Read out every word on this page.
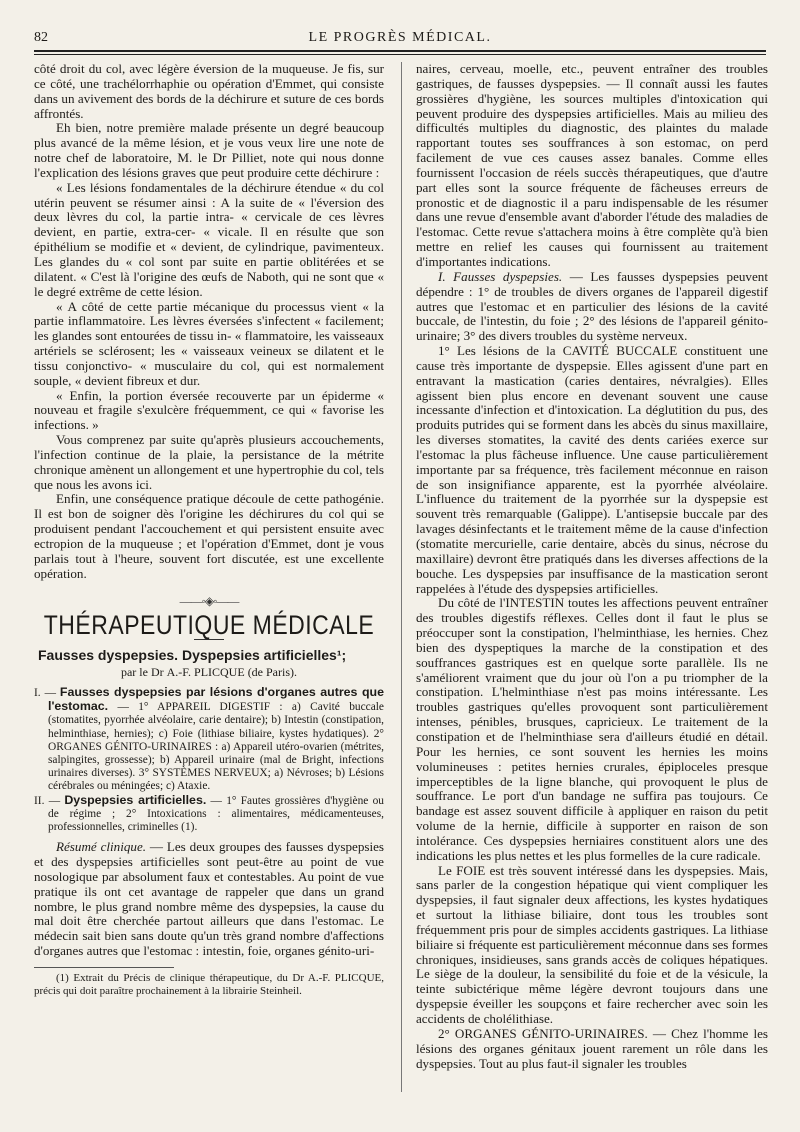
82	LE PROGRÈS MÉDICAL.

côté droit du col, avec légère éversion de la muqueuse. Je fis, sur ce côté, une trachélorrhaphie ou opération d'Emmet, qui consiste dans un avivement des bords de la déchirure et suture de ces bords affrontés.

Eh bien, notre première malade présente un degré beaucoup plus avancé de la même lésion, et je vous veux lire une note de notre chef de laboratoire, M. le Dr Pilliet, note qui nous donne l'explication des lésions graves que peut produire cette déchirure :

« Les lésions fondamentales de la déchirure étendue « du col utérin peuvent se résumer ainsi : A la suite de « l'éversion des deux lèvres du col, la partie intra- « cervicale de ces lèvres devient, en partie, extra-cer- « vicale. Il en résulte que son épithélium se modifie et « devient, de cylindrique, pavimenteux. Les glandes du « col sont par suite en partie oblitérées et se dilatent. « C'est là l'origine des œufs de Naboth, qui ne sont que « le degré extrême de cette lésion.

« A côté de cette partie mécanique du processus vient « la partie inflammatoire. Les lèvres éversées s'infectent « facilement; les glandes sont entourées de tissu in- « flammatoire, les vaisseaux artériels se sclérosent; les « vaisseaux veineux se dilatent et le tissu conjonctivo- « musculaire du col, qui est normalement souple, « devient fibreux et dur.

« Enfin, la portion éversée recouverte par un épiderme « nouveau et fragile s'exulcère fréquemment, ce qui « favorise les infections. »

Vous comprenez par suite qu'après plusieurs accouchements, l'infection continue de la plaie, la persistance de la métrite chronique amènent un allongement et une hypertrophie du col, tels que nous les avons ici.

Enfin, une conséquence pratique découle de cette pathogénie. Il est bon de soigner dès l'origine les déchirures du col qui se produisent pendant l'accouchement et qui persistent ensuite avec ectropion de la muqueuse ; et l'opération d'Emmet, dont je vous parlais tout à l'heure, souvent fort discutée, est une excellente opération.

——◦◈◦——
THÉRAPEUTIQUE MÉDICALE
Fausses dyspepsies. Dyspepsies artificielles¹;
par le Dr A.-F. PLICQUE (de Paris).

I. — Fausses dyspepsies par lésions d'organes autres que l'estomac. — 1° APPAREIL DIGESTIF : a) Cavité buccale (stomatites, pyorrhée alvéolaire, carie dentaire); b) Intestin (constipation, helminthiase, hernies); c) Foie (lithiase biliaire, kystes hydatiques). 2° ORGANES GÉNITO-URINAIRES : a) Appareil utéro-ovarien (métrites, salpingites, grossesse); b) Appareil urinaire (mal de Bright, infections urinaires diverses). 3° SYSTÈMES NERVEUX; a) Névroses; b) Lésions cérébrales ou méningées; c) Ataxie.

II. — Dyspepsies artificielles. — 1° Fautes grossières d'hygiène ou de régime ; 2° Intoxications : alimentaires, médicamenteuses, professionnelles, criminelles (1).

Résumé clinique. — Les deux groupes des fausses dyspepsies et des dyspepsies artificielles sont peut-être au point de vue nosologique par absolument faux et contestables. Au point de vue pratique ils ont cet avantage de rappeler que dans un grand nombre, le plus grand nombre même des dyspepsies, la cause du mal doit être cherchée partout ailleurs que dans l'estomac. Le médecin sait bien sans doute qu'un très grand nombre d'affections d'organes autres que l'estomac : intestin, foie, organes génito-uri-

(1) Extrait du Précis de clinique thérapeutique, du Dr A.-F. PLICQUE, précis qui doit paraître prochainement à la librairie Steinheil.

naires, cerveau, moelle, etc., peuvent entraîner des troubles gastriques, de fausses dyspepsies. — Il connaît aussi les fautes grossières d'hygiène, les sources multiples d'intoxication qui peuvent produire des dyspepsies artificielles. Mais au milieu des difficultés multiples du diagnostic, des plaintes du malade rapportant toutes ses souffrances à son estomac, on perd facilement de vue ces causes assez banales. Comme elles fournissent l'occasion de réels succès thérapeutiques, que d'autre part elles sont la source fréquente de fâcheuses erreurs de pronostic et de diagnostic il a paru indispensable de les résumer dans une revue d'ensemble avant d'aborder l'étude des maladies de l'estomac. Cette revue s'attachera moins à être complète qu'à bien mettre en relief les causes qui fournissent au traitement d'importantes indications.

I. Fausses dyspepsies. — Les fausses dyspepsies peuvent dépendre : 1° de troubles de divers organes de l'appareil digestif autres que l'estomac et en particulier des lésions de la cavité buccale, de l'intestin, du foie ; 2° des lésions de l'appareil génito-urinaire; 3° des divers troubles du système nerveux.

1° Les lésions de la CAVITÉ BUCCALE constituent une cause très importante de dyspepsie. Elles agissent d'une part en entravant la mastication (caries dentaires, névralgies). Elles agissent bien plus encore en devenant souvent une cause incessante d'infection et d'intoxication. La déglutition du pus, des produits putrides qui se forment dans les abcès du sinus maxillaire, les diverses stomatites, la cavité des dents cariées exerce sur l'estomac la plus fâcheuse influence. Une cause particulièrement importante par sa fréquence, très facilement méconnue en raison de son insignifiance apparente, est la pyorrhée alvéolaire. L'influence du traitement de la pyorrhée sur la dyspepsie est souvent très remarquable (Galippe). L'antisepsie buccale par des lavages désinfectants et le traitement même de la cause d'infection (stomatite mercurielle, carie dentaire, abcès du sinus, nécrose du maxillaire) devront être pratiqués dans les diverses affections de la bouche. Les dyspepsies par insuffisance de la mastication seront rappelées à l'étude des dyspepsies artificielles.

Du côté de l'INTESTIN toutes les affections peuvent entraîner des troubles digestifs réflexes. Celles dont il faut le plus se préoccuper sont la constipation, l'helminthiase, les hernies. Chez bien des dyspeptiques la marche de la constipation et des souffrances gastriques est en quelque sorte parallèle. Ils ne s'améliorent vraiment que du jour où l'on a pu triompher de la constipation. L'helminthiase n'est pas moins intéressante. Les troubles gastriques qu'elles provoquent sont particulièrement intenses, pénibles, brusques, capricieux. Le traitement de la constipation et de l'helminthiase sera d'ailleurs étudié en détail. Pour les hernies, ce sont souvent les hernies les moins volumineuses : petites hernies crurales, épiploceles presque imperceptibles de la ligne blanche, qui provoquent le plus de souffrance. Le port d'un bandage ne suffira pas toujours. Ce bandage est assez souvent difficile à appliquer en raison du petit volume de la hernie, difficile à supporter en raison de son intolérance. Ces dyspepsies herniaires constituent alors une des indications les plus nettes et les plus formelles de la cure radicale.

Le FOIE est très souvent intéressé dans les dyspepsies. Mais, sans parler de la congestion hépatique qui vient compliquer les dyspepsies, il faut signaler deux affections, les kystes hydatiques et surtout la lithiase biliaire, dont tous les troubles sont fréquemment pris pour de simples accidents gastriques. La lithiase biliaire si fréquente est particulièrement méconnue dans ses formes chroniques, insidieuses, sans grands accès de coliques hépatiques. Le siège de la douleur, la sensibilité du foie et de la vésicule, la teinte subictérique même légère devront toujours dans une dyspepsie éveiller les soupçons et faire rechercher avec soin les accidents de cholélithiase.

2° ORGANES GÉNITO-URINAIRES. — Chez l'homme les lésions des organes génitaux jouent rarement un rôle dans les dyspepsies. Tout au plus faut-il signaler les troubles
